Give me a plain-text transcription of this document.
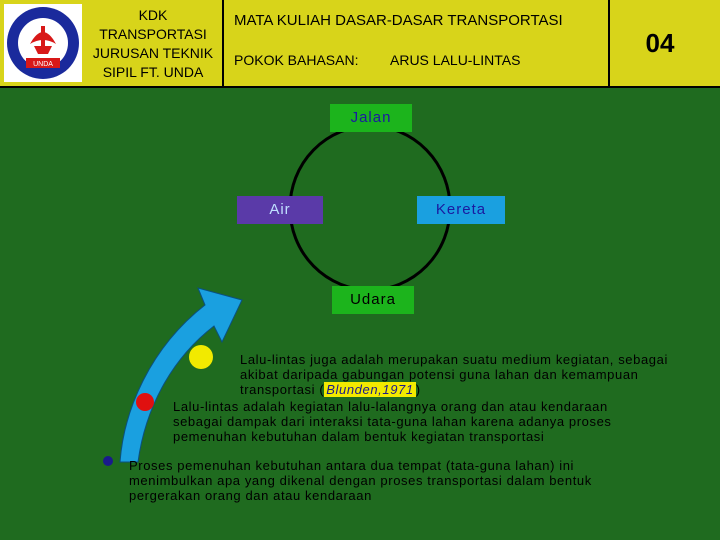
UNDA
KDK
TRANSPORTASI
JURUSAN TEKNIK
SIPIL FT. UNDA
MATA KULIAH DASAR-DASAR TRANSPORTASI
POKOK BAHASAN: ARUS LALU-LINTAS
04
Jalan
Air	Kereta
Udara
Lalu-lintas juga adalah merupakan suatu medium kegiatan, sebagai akibat daripada gabungan potensi guna lahan dan kemampuan transportasi ( Blunden,1971 )
Lalu-lintas adalah kegiatan lalu-lalangnya orang dan atau kendaraan sebagai dampak dari interaksi tata-guna lahan karena adanya proses pemenuhan kebutuhan dalam bentuk kegiatan transportasi
Proses pemenuhan kebutuhan antara dua tempat (tata-guna lahan) ini menimbulkan apa yang dikenal dengan proses transportasi dalam bentuk pergerakan orang dan atau kendaraan
